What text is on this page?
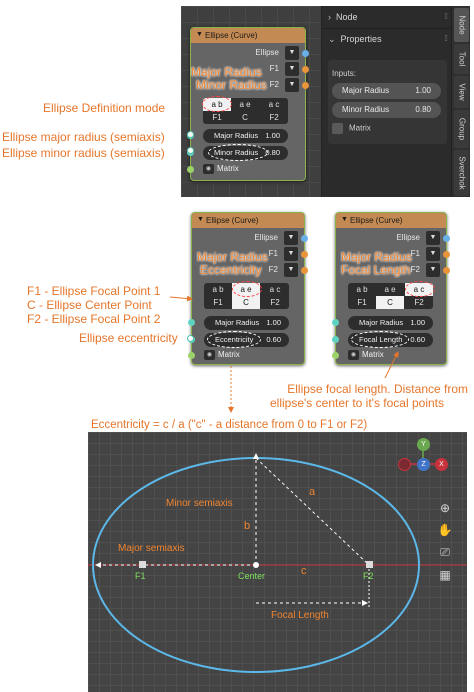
▼ Ellipse (Curve)
Ellipse	▼
F1	▼
F2	▼
Major Radius
Minor Radius
a b	a e	a c
F1	C	F2
Major Radius 1.00
Minor Radius 0.80
◉ Matrix
› Node	⁞⁞
⌄ Properties	⁞⁞
Inputs:
Major Radius	1.00
Minor Radius	0.80
Matrix
Node
Tool
View
Group
Sverchok
▼ Ellipse (Curve)
Ellipse	▼
F1	▼
F2	▼
Major Radius
Eccentricity
a b	a e	a c
F1	C	F2
Major Radius 1.00
Eccentricity 0.60
◉ Matrix
▼ Ellipse (Curve)
Ellipse	▼
F1	▼
F2	▼
Major Radius
Focal Length
a b	a e	a c
F1	C	F2
Major Radius 1.00
Focal Length 0.60
◉ Matrix
Ellipse Definition mode
Ellipse major radius (semiaxis)
Ellipse minor radius (semiaxis)
F1 - Ellipse Focal Point 1
C - Ellipse Center Point
F2 - Ellipse Focal Point 2
Ellipse eccentricity
Ellipse focal length. Distance from
ellipse's center to it's focal points
Eccentricity = c / a ("c" - a distance from 0 to F1 or F2)
Minor semiaxis
Major semiaxis
Focal Length
a
b
c
F1	Center	F2
Y
Z	X
⊕
✋
⎚
▦
